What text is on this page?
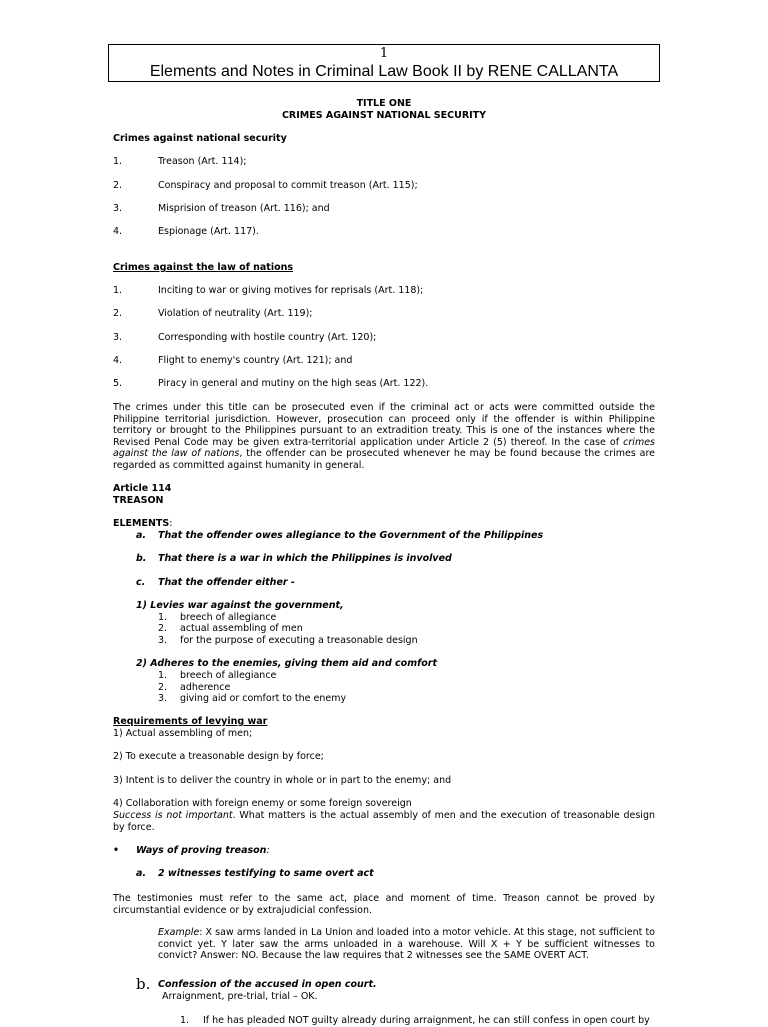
1
Elements and Notes in Criminal Law Book II by RENE CALLANTA
TITLE ONE
CRIMES AGAINST NATIONAL SECURITY
Crimes against national security
1.	Treason (Art. 114);
2.	Conspiracy and proposal to commit treason (Art. 115);
3.	Misprision of treason (Art. 116); and
4.	Espionage (Art. 117).
Crimes against the law of nations
1.	Inciting to war or giving motives for reprisals (Art. 118);
2.	Violation of neutrality (Art. 119);
3.	Corresponding with hostile country (Art. 120);
4.	Flight to enemy's country (Art. 121); and
5.	Piracy in general and mutiny on the high seas (Art. 122).
The crimes under this title can be prosecuted even if the criminal act or acts were committed outside the Philippine territorial jurisdiction. However, prosecution can proceed only if the offender is within Philippine territory or brought to the Philippines pursuant to an extradition treaty. This is one of the instances where the Revised Penal Code may be given extra-territorial application under Article 2 (5) thereof. In the case of crimes against the law of nations, the offender can be prosecuted whenever he may be found because the crimes are regarded as committed against humanity in general.
Article 114
TREASON
ELEMENTS:
a. That the offender owes allegiance to the Government of the Philippines
b. That there is a war in which the Philippines is involved
c. That the offender either -
1) Levies war against the government,
1. breech of allegiance
2. actual assembling of men
3. for the purpose of executing a treasonable design
2) Adheres to the enemies, giving them aid and comfort
1. breech of allegiance
2. adherence
3. giving aid or comfort to the enemy
Requirements of levying war
1) Actual assembling of men;
2) To execute a treasonable design by force;
3) Intent is to deliver the country in whole or in part to the enemy; and
4) Collaboration with foreign enemy or some foreign sovereign
Success is not important. What matters is the actual assembly of men and the execution of treasonable design by force.
• Ways of proving treason:
a. 2 witnesses testifying to same overt act
The testimonies must refer to the same act, place and moment of time. Treason cannot be proved by circumstantial evidence or by extrajudicial confession.
Example: X saw arms landed in La Union and loaded into a motor vehicle. At this stage, not sufficient to convict yet. Y later saw the arms unloaded in a warehouse. Will X + Y be sufficient witnesses to convict? Answer: NO. Because the law requires that 2 witnesses see the SAME OVERT ACT.
b. Confession of the accused in open court.
Arraignment, pre-trial, trial – OK.
1. If he has pleaded NOT guilty already during arraignment, he can still confess in open court by
